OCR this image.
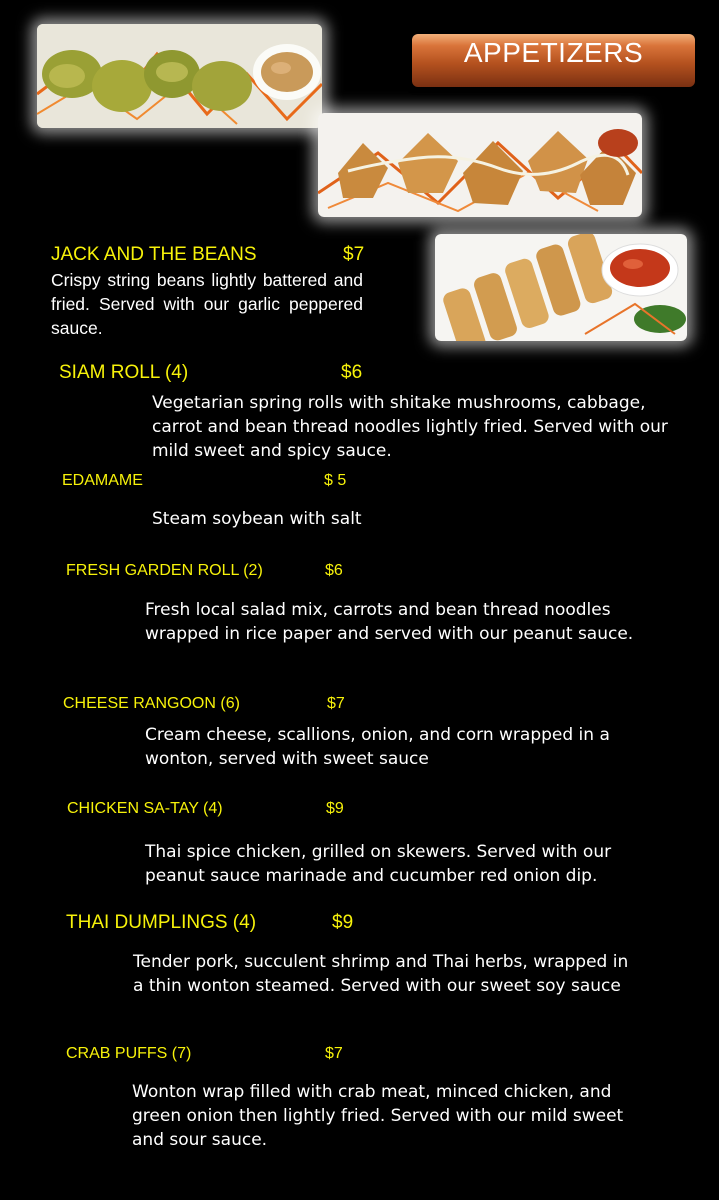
APPETIZERS
JACK AND THE BEANS	$7
Crispy string beans lightly battered and fried. Served with our garlic peppered sauce.
SIAM ROLL (4)	$6
Vegetarian spring rolls with shitake mushrooms, cabbage, carrot and bean thread noodles lightly fried. Served with our mild sweet and spicy sauce.
EDAMAME	$ 5
Steam soybean with salt
FRESH GARDEN ROLL (2)	$6
Fresh local salad mix, carrots and bean thread noodles wrapped in rice paper and served with our peanut sauce.
CHEESE RANGOON (6)	$7
Cream cheese, scallions, onion, and corn wrapped in a wonton, served with sweet sauce
CHICKEN SA-TAY (4)	$9
Thai spice chicken, grilled on skewers. Served with our peanut sauce marinade and cucumber red onion dip.
THAI DUMPLINGS (4)	$9
Tender pork, succulent shrimp and Thai herbs, wrapped in a thin wonton steamed. Served with our sweet soy sauce
CRAB PUFFS (7)	$7
Wonton wrap filled with crab meat, minced chicken, and green onion then lightly fried. Served with our mild sweet and sour sauce.
